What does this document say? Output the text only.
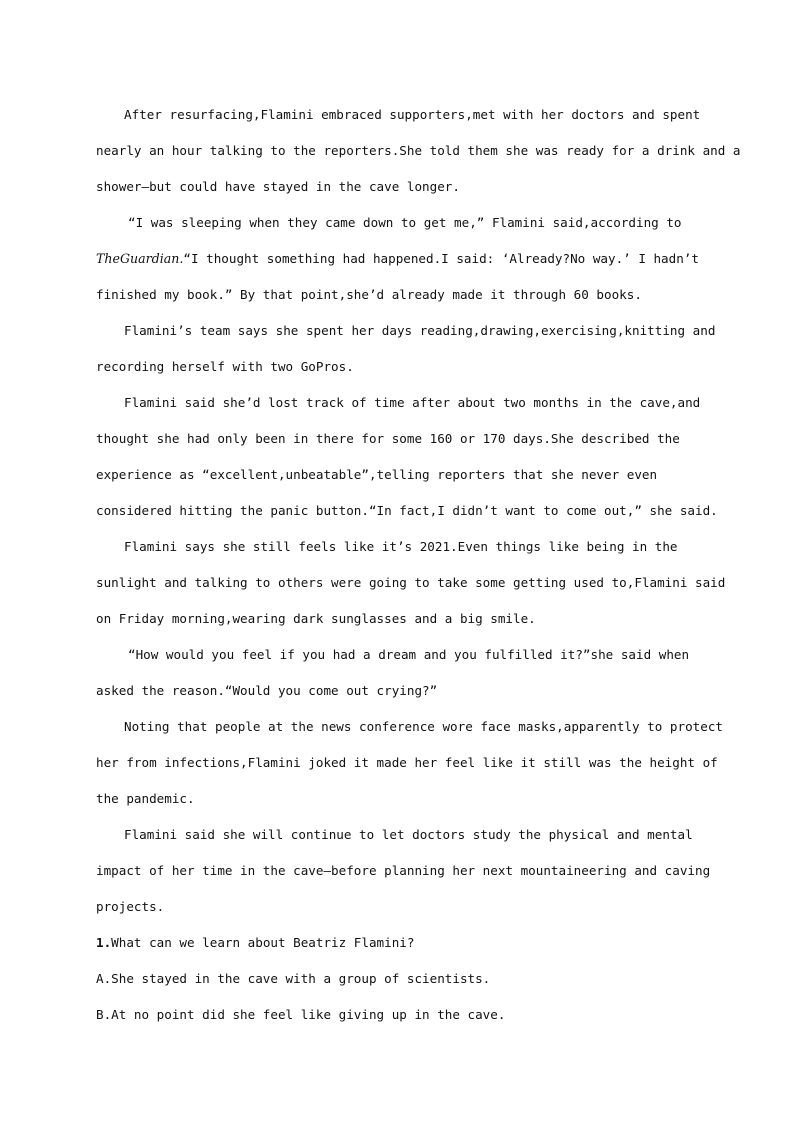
After resurfacing,Flamini embraced supporters,met with her doctors and spent
nearly an hour talking to the reporters.She told them she was ready for a drink and a
shower—but could have stayed in the cave longer.
“I was sleeping when they came down to get me,” Flamini said,according to
TheGuardian.“I thought something had happened.I said: ‘Already?No way.’ I hadn’t
finished my book.” By that point,she’d already made it through 60 books.
Flamini’s team says she spent her days reading,drawing,exercising,knitting and
recording herself with two GoPros.
Flamini said she’d lost track of time after about two months in the cave,and
thought she had only been in there for some 160 or 170 days.She described the
experience as “excellent,unbeatable”,telling reporters that she never even
considered hitting the panic button.“In fact,I didn’t want to come out,” she said.
Flamini says she still feels like it’s 2021.Even things like being in the
sunlight and talking to others were going to take some getting used to,Flamini said
on Friday morning,wearing dark sunglasses and a big smile.
“How would you feel if you had a dream and you fulfilled it?”she said when
asked the reason.“Would you come out crying?”
Noting that people at the news conference wore face masks,apparently to protect
her from infections,Flamini joked it made her feel like it still was the height of
the pandemic.
Flamini said she will continue to let doctors study the physical and mental
impact of her time in the cave—before planning her next mountaineering and caving
projects.
1.What can we learn about Beatriz Flamini?
A.She stayed in the cave with a group of scientists.
B.At no point did she feel like giving up in the cave.
